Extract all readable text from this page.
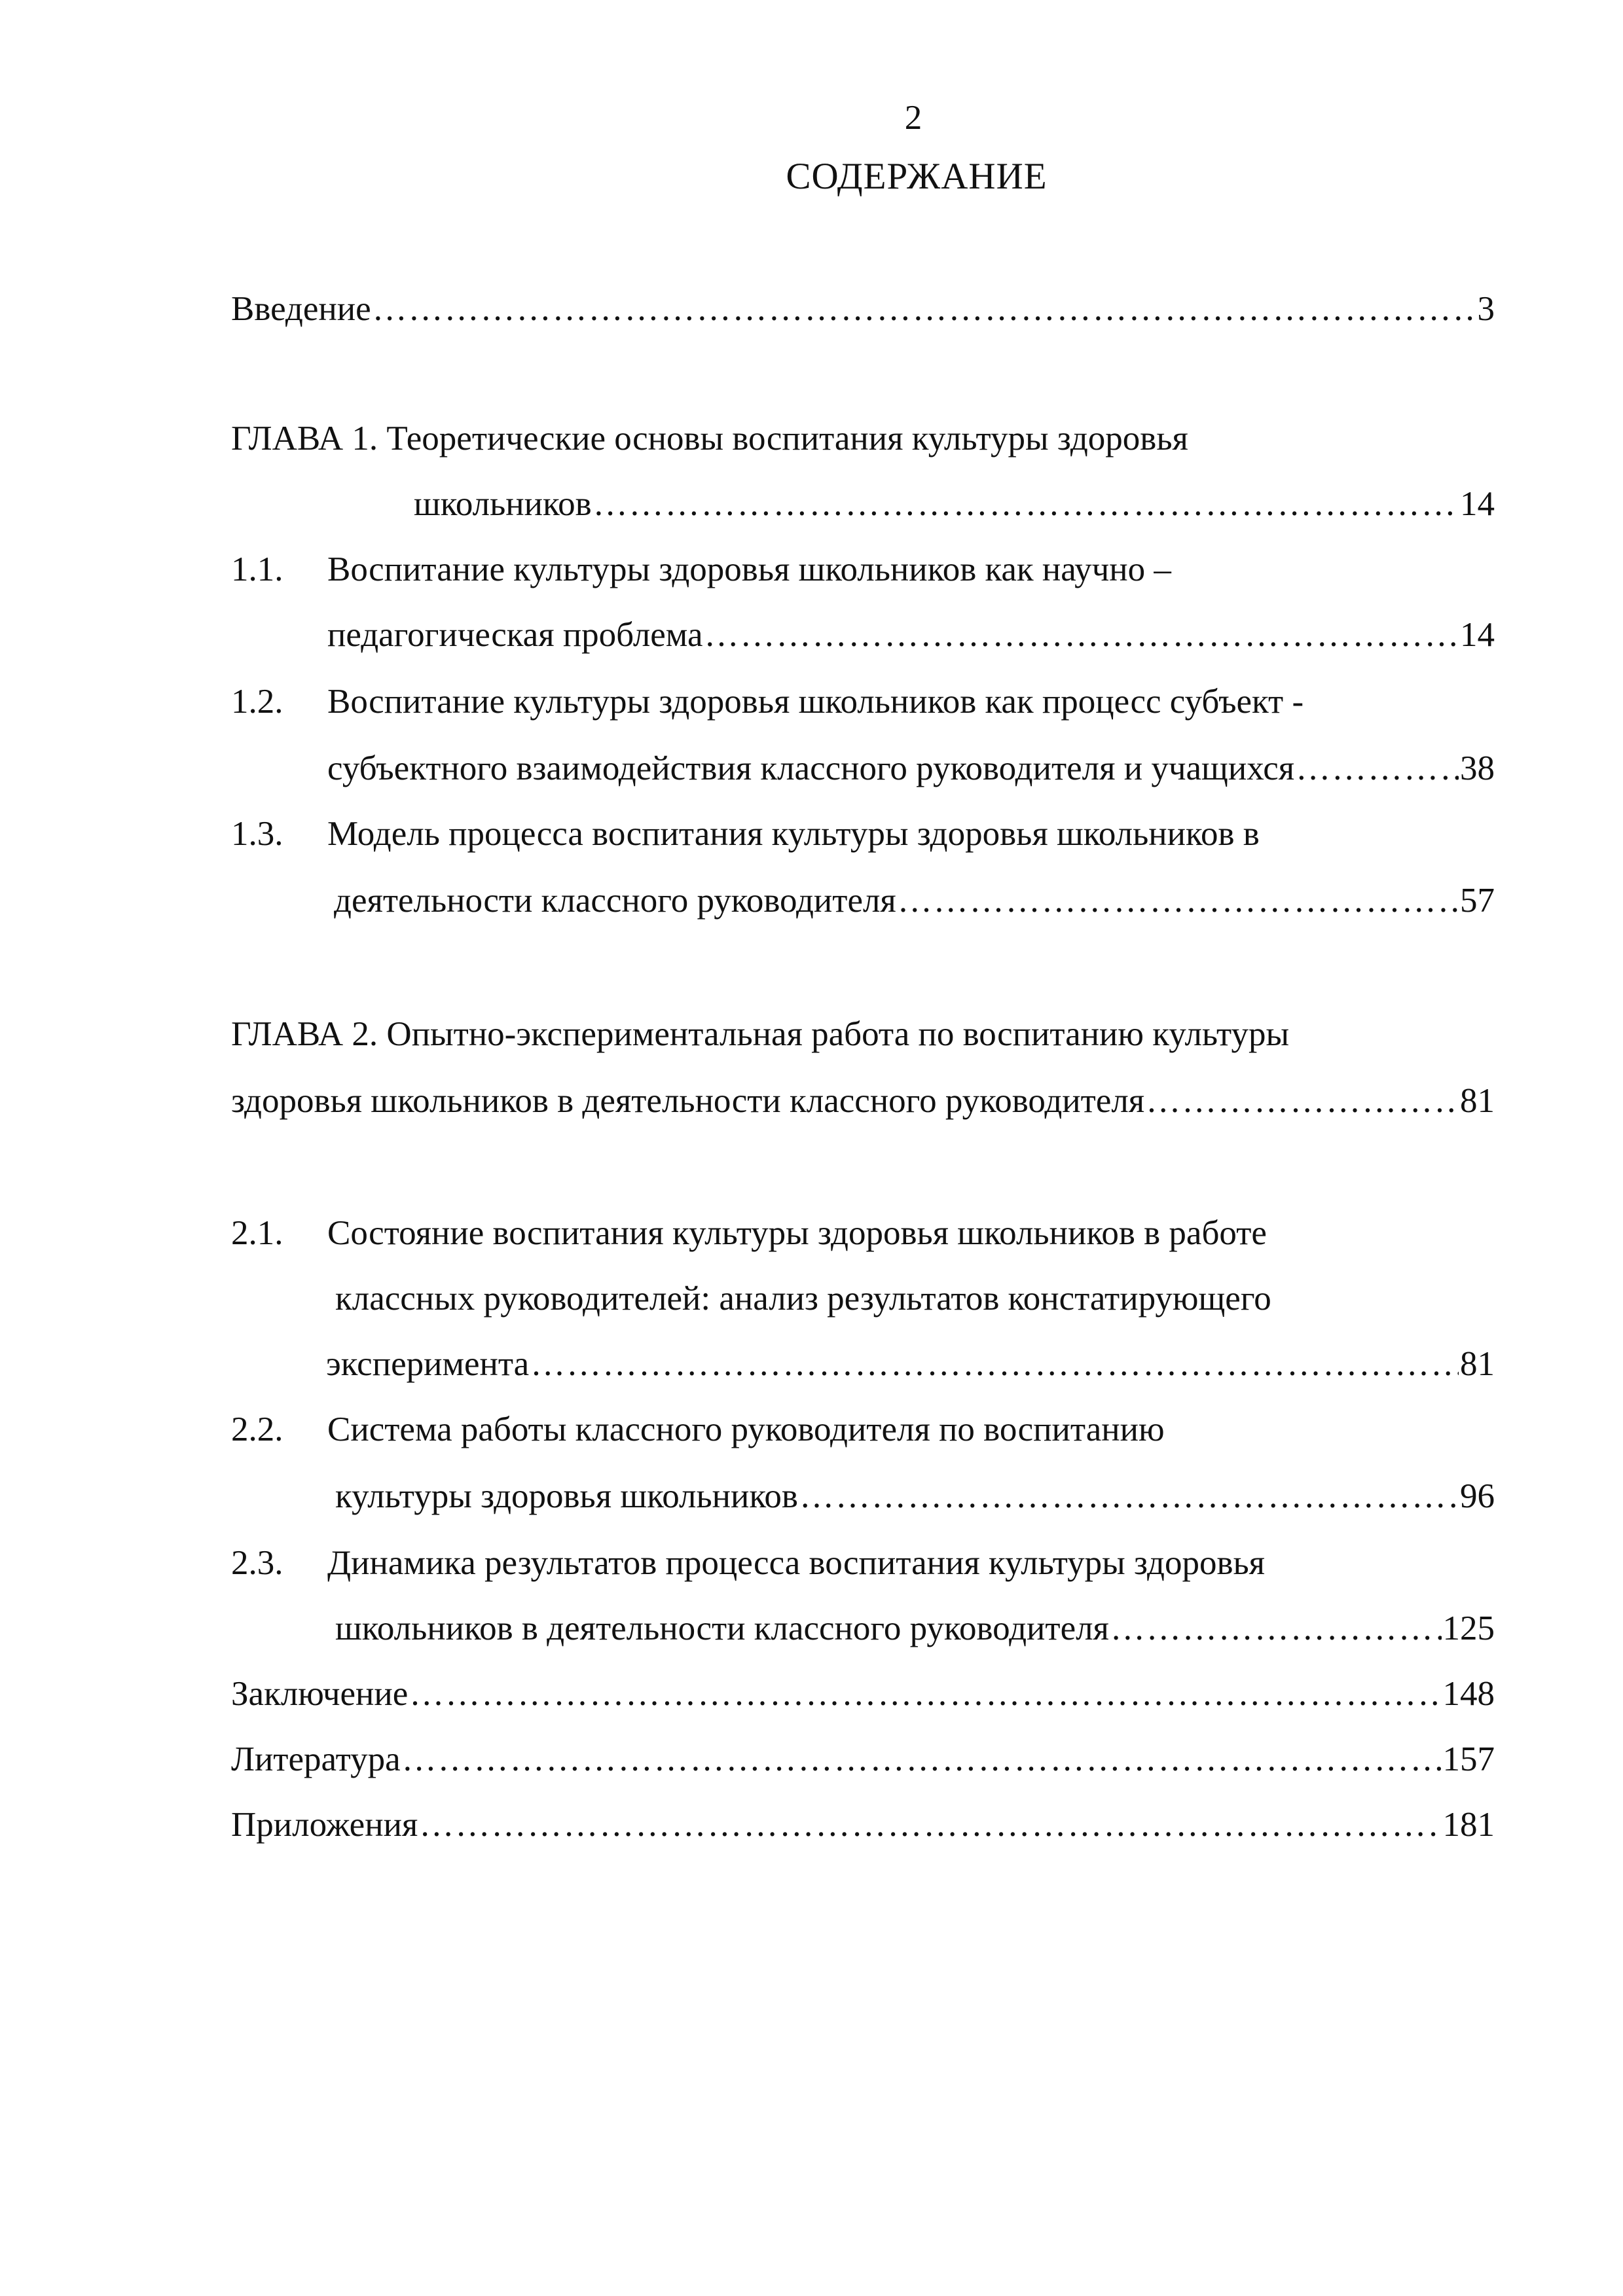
2
СОДЕРЖАНИЕ
Введение ……………………………………………………………………………………………………………………………………………………………………………………………………………………	3
ГЛАВА 1. Теоретические основы воспитания культуры здоровья
школьников ……………………………………………………………………………………………………………………………………………………………………………………………………………………	14
1.1. Воспитание культуры здоровья школьников как научно –
педагогическая проблема ……………………………………………………………………………………………………………………………………………………………………………………………………………………	14
1.2. Воспитание культуры здоровья школьников как процесс субъект -
субъектного взаимодействия классного руководителя и учащихся ……………………………………………………………………………………………………………………………………………………………………………………………………………………	38
1.3. Модель процесса воспитания культуры здоровья школьников в
деятельности классного руководителя ……………………………………………………………………………………………………………………………………………………………………………………………………………………	57
ГЛАВА 2. Опытно-экспериментальная работа по воспитанию культуры
здоровья школьников в деятельности классного руководителя ……………………………………………………………………………………………………………………………………………………………………………………………………………………	81
2.1. Состояние воспитания культуры здоровья школьников в работе
классных руководителей: анализ результатов констатирующего
эксперимента ……………………………………………………………………………………………………………………………………………………………………………………………………………………	81
2.2. Система работы классного руководителя по воспитанию
культуры здоровья школьников ……………………………………………………………………………………………………………………………………………………………………………………………………………………	96
2.3. Динамика результатов процесса воспитания культуры здоровья
школьников в деятельности классного руководителя ……………………………………………………………………………………………………………………………………………………………………………………………………………………	125
Заключение ……………………………………………………………………………………………………………………………………………………………………………………………………………………	148
Литература ……………………………………………………………………………………………………………………………………………………………………………………………………………………	157
Приложения ……………………………………………………………………………………………………………………………………………………………………………………………………………………	181
